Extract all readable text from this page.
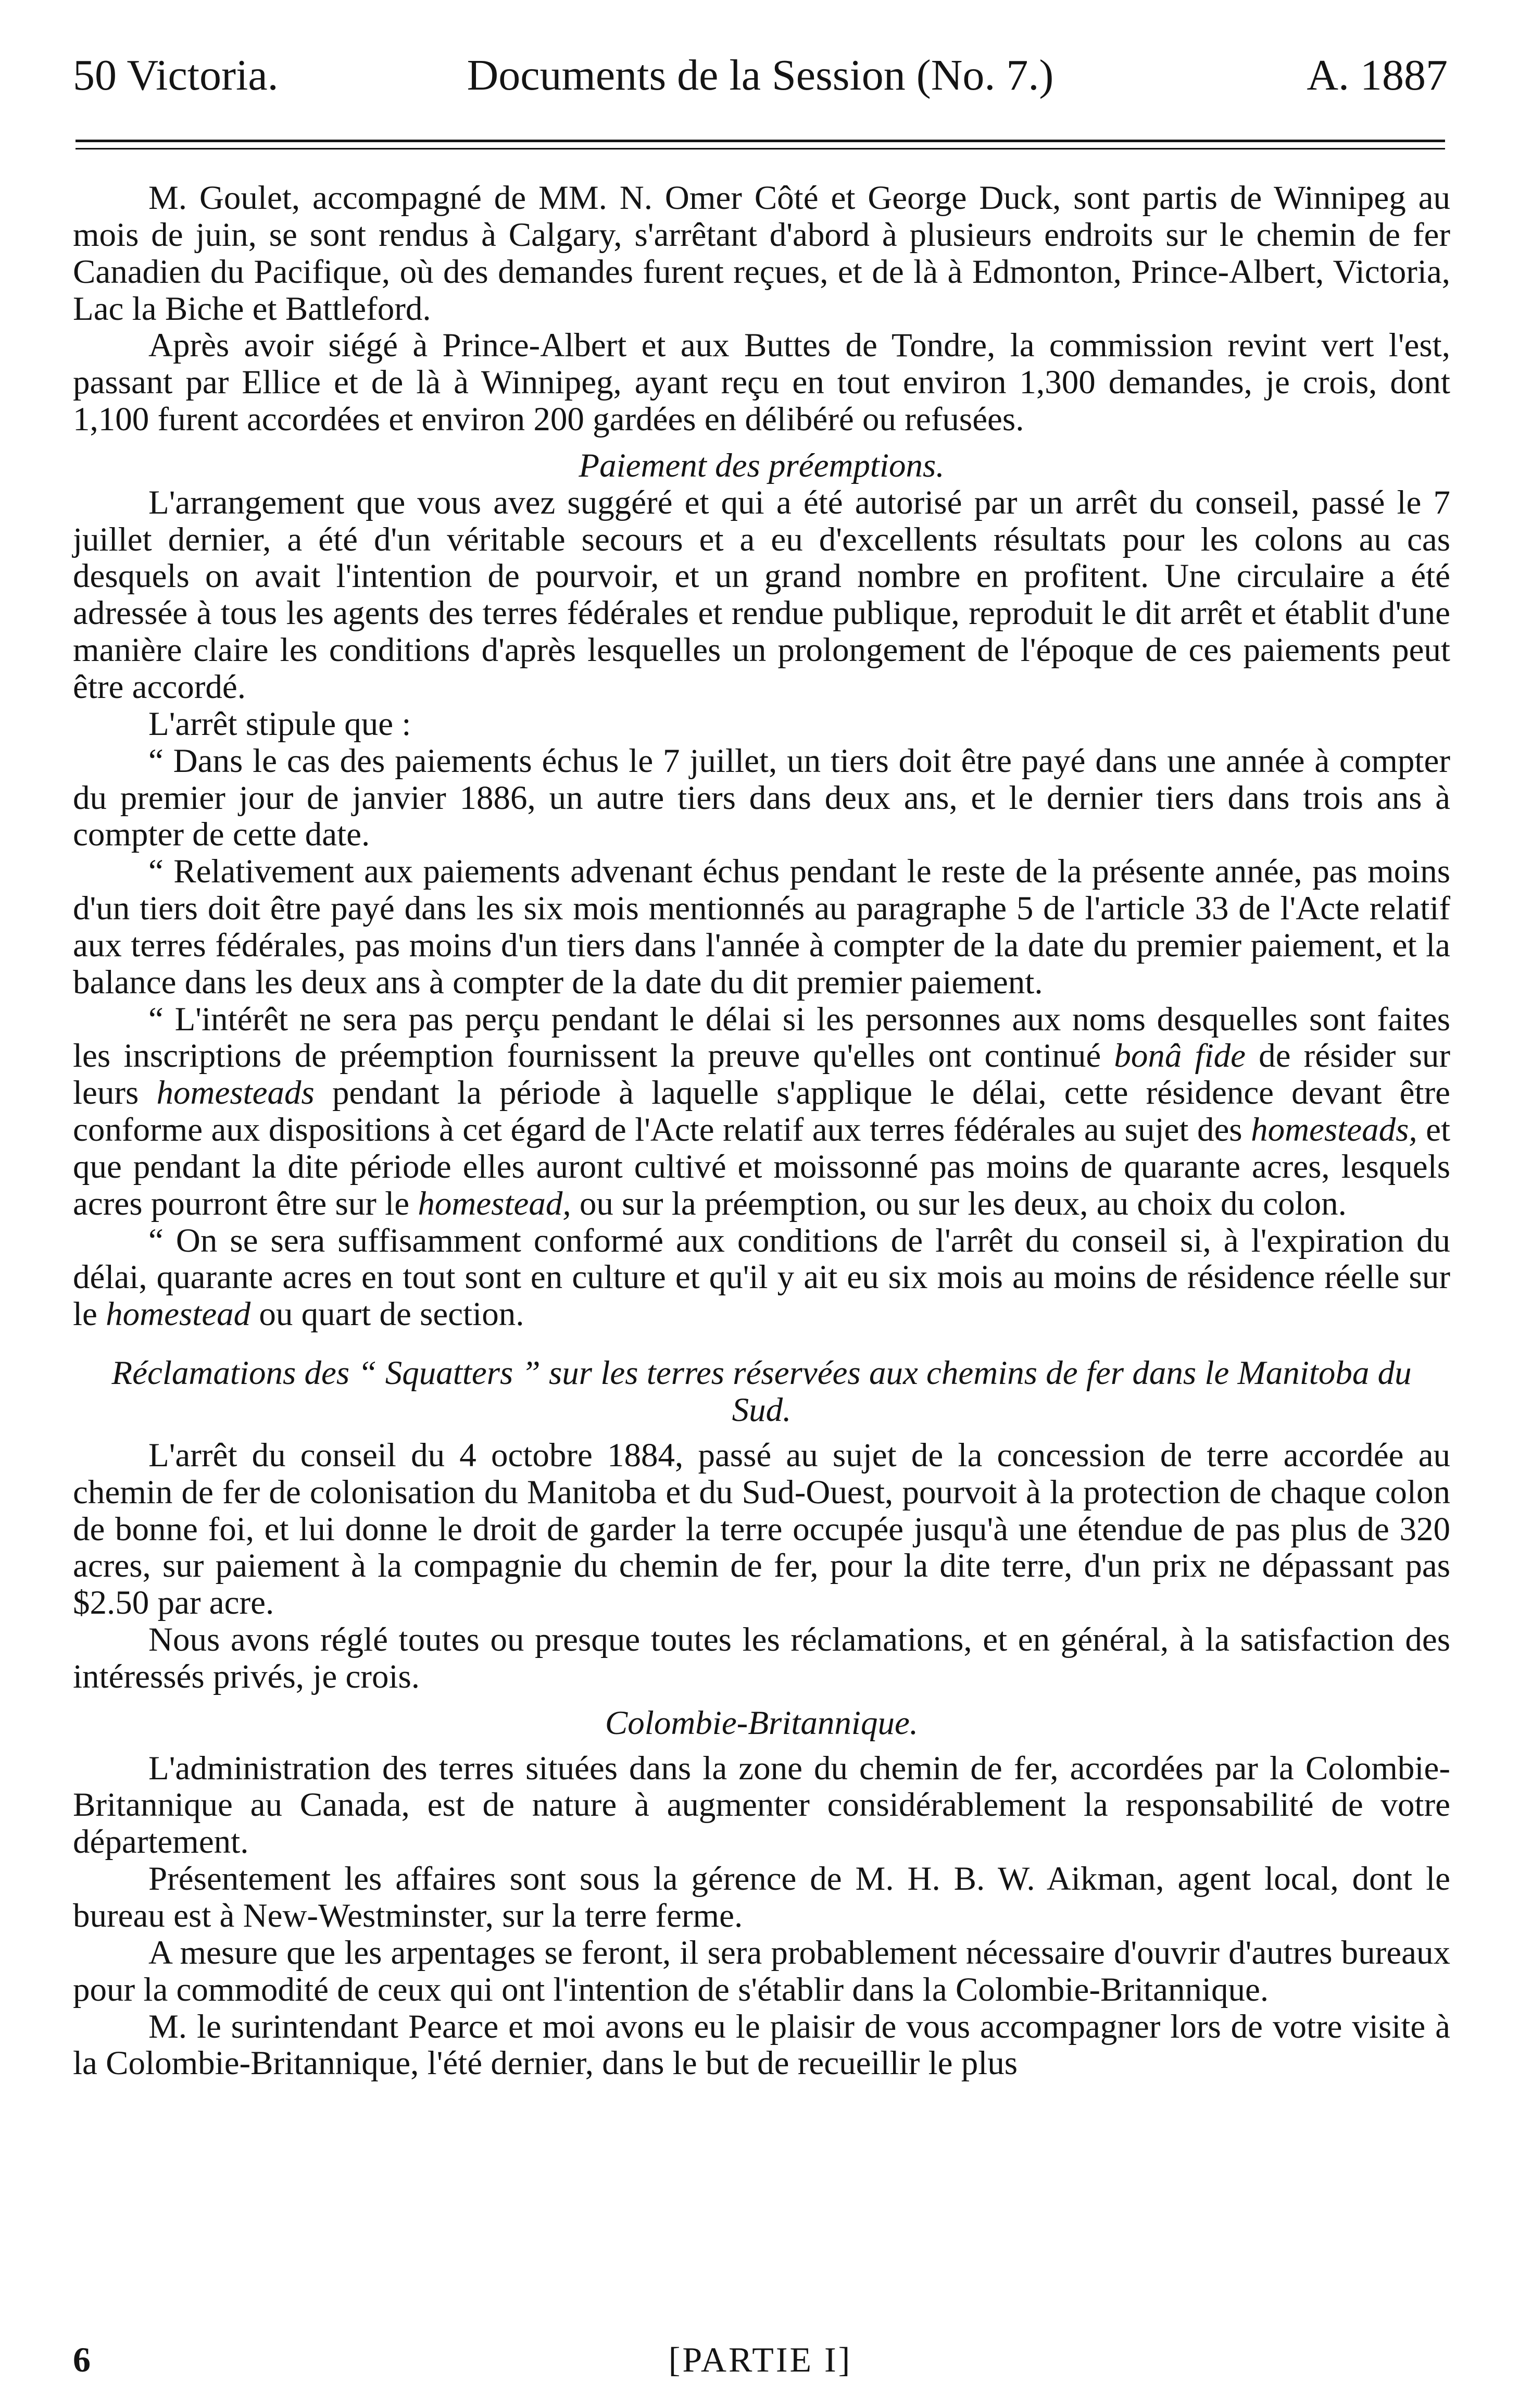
50 Victoria.	Documents de la Session (No. 7.)	A. 1887

M. Goulet, accompagné de MM. N. Omer Côté et George Duck, sont partis de Winnipeg au mois de juin, se sont rendus à Calgary, s'arrêtant d'abord à plusieurs endroits sur le chemin de fer Canadien du Pacifique, où des demandes furent reçues, et de là à Edmonton, Prince-Albert, Victoria, Lac la Biche et Battleford.

Après avoir siégé à Prince-Albert et aux Buttes de Tondre, la commission revint vert l'est, passant par Ellice et de là à Winnipeg, ayant reçu en tout environ 1,300 demandes, je crois, dont 1,100 furent accordées et environ 200 gardées en délibéré ou refusées.

Paiement des préemptions.

L'arrangement que vous avez suggéré et qui a été autorisé par un arrêt du conseil, passé le 7 juillet dernier, a été d'un véritable secours et a eu d'excellents résultats pour les colons au cas desquels on avait l'intention de pourvoir, et un grand nombre en profitent. Une circulaire a été adressée à tous les agents des terres fédérales et rendue publique, reproduit le dit arrêt et établit d'une manière claire les conditions d'après lesquelles un prolongement de l'époque de ces paiements peut être accordé.

L'arrêt stipule que :

“ Dans le cas des paiements échus le 7 juillet, un tiers doit être payé dans une année à compter du premier jour de janvier 1886, un autre tiers dans deux ans, et le dernier tiers dans trois ans à compter de cette date.

“ Relativement aux paiements advenant échus pendant le reste de la présente année, pas moins d'un tiers doit être payé dans les six mois mentionnés au paragraphe 5 de l'article 33 de l'Acte relatif aux terres fédérales, pas moins d'un tiers dans l'année à compter de la date du premier paiement, et la balance dans les deux ans à compter de la date du dit premier paiement.

“ L'intérêt ne sera pas perçu pendant le délai si les personnes aux noms desquelles sont faites les inscriptions de préemption fournissent la preuve qu'elles ont continué bonâ fide de résider sur leurs homesteads pendant la période à laquelle s'applique le délai, cette résidence devant être conforme aux dispositions à cet égard de l'Acte relatif aux terres fédérales au sujet des homesteads, et que pendant la dite période elles auront cultivé et moissonné pas moins de quarante acres, lesquels acres pourront être sur le homestead, ou sur la préemption, ou sur les deux, au choix du colon.

“ On se sera suffisamment conformé aux conditions de l'arrêt du conseil si, à l'expiration du délai, quarante acres en tout sont en culture et qu'il y ait eu six mois au moins de résidence réelle sur le homestead ou quart de section.

Réclamations des “ Squatters ” sur les terres réservées aux chemins de fer dans le Manitoba du Sud.

L'arrêt du conseil du 4 octobre 1884, passé au sujet de la concession de terre accordée au chemin de fer de colonisation du Manitoba et du Sud-Ouest, pourvoit à la protection de chaque colon de bonne foi, et lui donne le droit de garder la terre occupée jusqu'à une étendue de pas plus de 320 acres, sur paiement à la compagnie du chemin de fer, pour la dite terre, d'un prix ne dépassant pas $2.50 par acre.

Nous avons réglé toutes ou presque toutes les réclamations, et en général, à la satisfaction des intéressés privés, je crois.

Colombie-Britannique.

L'administration des terres situées dans la zone du chemin de fer, accordées par la Colombie-Britannique au Canada, est de nature à augmenter considérablement la responsabilité de votre département.

Présentement les affaires sont sous la gérence de M. H. B. W. Aikman, agent local, dont le bureau est à New-Westminster, sur la terre ferme.

A mesure que les arpentages se feront, il sera probablement nécessaire d'ouvrir d'autres bureaux pour la commodité de ceux qui ont l'intention de s'établir dans la Colombie-Britannique.

M. le surintendant Pearce et moi avons eu le plaisir de vous accompagner lors de votre visite à la Colombie-Britannique, l'été dernier, dans le but de recueillir le plus

6	[PARTIE I]
